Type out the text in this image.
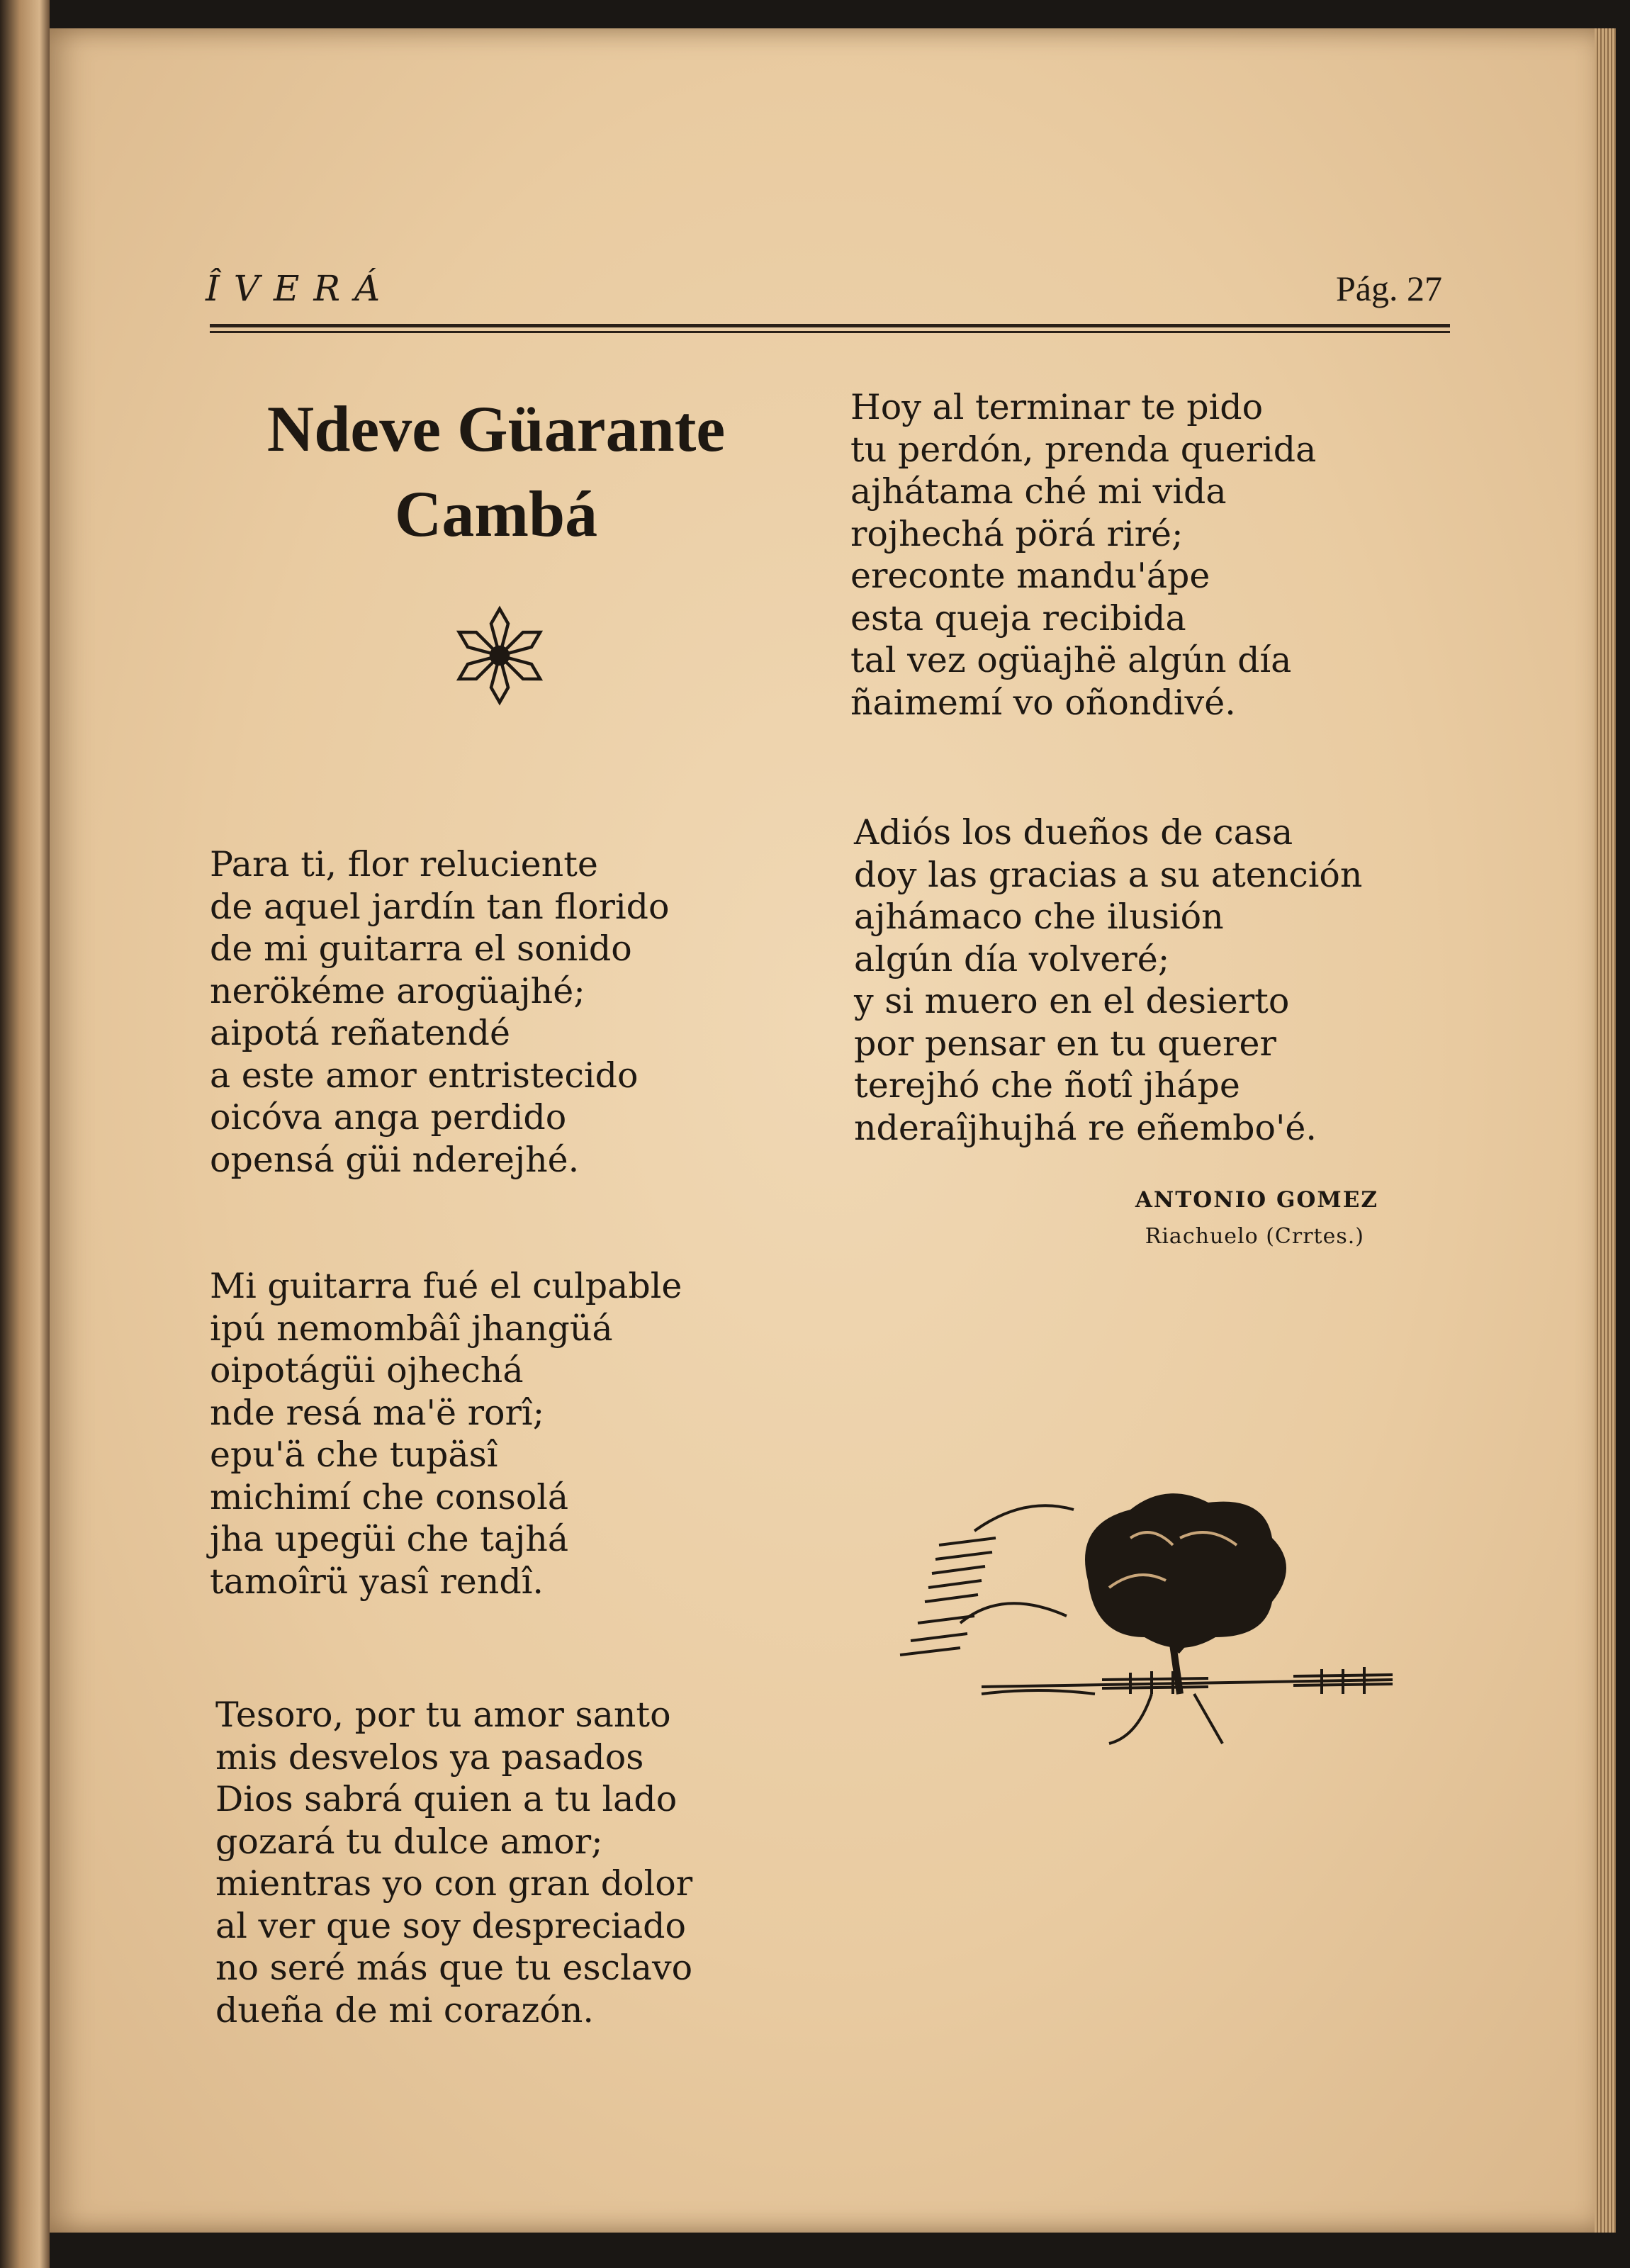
ÎVERÁ	Pág. 27
Ndeve Güarante
Cambá
Para ti, flor reluciente
de aquel jardín tan florido
de mi guitarra el sonido
nerökéme arogüajhé;
aipotá reñatendé
a este amor entristecido
oicóva anga perdido
opensá güi nderejhé.
Mi guitarra fué el culpable
ipú nemombâî jhangüá
oipotágüi ojhechá
nde resá ma'ë rorî;
epu'ä che tupäsî
michimí che consolá
jha upegüi che tajhá
tamoîrü yasî rendî.
Tesoro, por tu amor santo
mis desvelos ya pasados
Dios sabrá quien a tu lado
gozará tu dulce amor;
mientras yo con gran dolor
al ver que soy despreciado
no seré más que tu esclavo
dueña de mi corazón.
Hoy al terminar te pido
tu perdón, prenda querida
ajhátama ché mi vida
rojhechá pörá riré;
ereconte mandu'ápe
esta queja recibida
tal vez ogüajhë algún día
ñaimemí vo oñondivé.
Adiós los dueños de casa
doy las gracias a su atención
ajhámaco che ilusión
algún día volveré;
y si muero en el desierto
por pensar en tu querer
terejhó che ñotî jhápe
nderaîjhujhá re eñembo'é.
ANTONIO GOMEZ
Riachuelo (Crrtes.)
